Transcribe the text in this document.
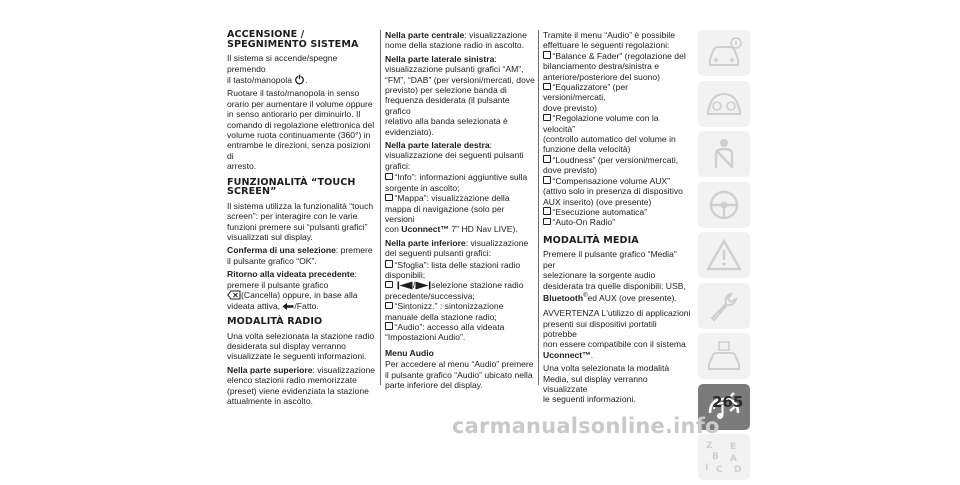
ACCENSIONE /
SPEGNIMENTO SISTEMA

Il sistema si accende/spegne premendo
il tasto/manopola .

Ruotare il tasto/manopola in senso
orario per aumentare il volume oppure
in senso antiorario per diminuirlo. Il
comando di regolazione elettronica del
volume ruota continuamente (360°) in
entrambe le direzioni, senza posizioni di
arresto.

FUNZIONALITÀ “TOUCH
SCREEN”

Il sistema utilizza la funzionalità “touch
screen”: per interagire con le varie
funzioni premere sui “pulsanti grafici”
visualizzati sul display.

Conferma di una selezione: premere
il pulsante grafico “OK”.

Ritorno alla videata precedente:
premere il pulsante grafico
(Cancella) oppure, in base alla
videata attiva, /Fatto.

MODALITÀ RADIO

Una volta selezionata la stazione radio
desiderata sul display verranno
visualizzate le seguenti informazioni.

Nella parte superiore: visualizzazione
elenco stazioni radio memorizzate
(preset) viene evidenziata la stazione
attualmente in ascolto.

Nella parte centrale: visualizzazione
nome della stazione radio in ascolto.

Nella parte laterale sinistra:
visualizzazione pulsanti grafici “AM”,
“FM”, “DAB” (per versioni/mercati, dove
previsto) per selezione banda di
frequenza desiderata (il pulsante grafico
relativo alla banda selezionata è
evidenziato).

Nella parte laterale destra:
visualizzazione dei seguenti pulsanti
grafici:

“Info”: informazioni aggiuntive sulla
sorgente in ascolto;
“Mappa”: visualizzazione della
mappa di navigazione (solo per versioni
con Uconnect™ 7” HD Nav LIVE).

Nella parte inferiore: visualizzazione
dei seguenti pulsanti grafici:

“Sfoglia”: lista delle stazioni radio
disponibili;
/ selezione stazione radio
precedente/successiva;
“Sintonizz.” : sintonizzazione
manuale della stazione radio;
“Audio”: accesso alla videata
“Impostazioni Audio”.

Menu Audio

Per accedere al menu “Audio” premere
il pulsante grafico “Audio” ubicato nella
parte inferiore del display.

Tramite il menu “Audio” è possibile
effettuare le seguenti regolazioni:

“Balance & Fader” (regolazione del
bilanciamento destra/sinistra e
anteriore/posteriore del suono)
“Equalizzatore” (per versioni/mercati,
dove previsto)
“Regolazione volume con la velocità”
(controllo automatico del volume in
funzione della velocità)
“Loudness” (per versioni/mercati,
dove previsto)
“Compensazione volume AUX”
(attivo solo in presenza di dispositivo
AUX inserito) (ove presente)
“Esecuzione automatica”
“Auto-On Radio”
MODALITÀ MEDIA

Premere il pulsante grafico “Media” per
selezionare la sorgente audio
desiderata tra quelle disponibili: USB,
Bluetooth®ed AUX (ove presente).

AVVERTENZA L'utilizzo di applicazioni
presenti sui dispositivi portatili potrebbe
non essere compatibile con il sistema
Uconnect™.

Una volta selezionata la modalità
Media, sul display verranno visualizzate
le seguenti informazioni.

Z E
B A
D
I C
265
carmanualsonline.info
